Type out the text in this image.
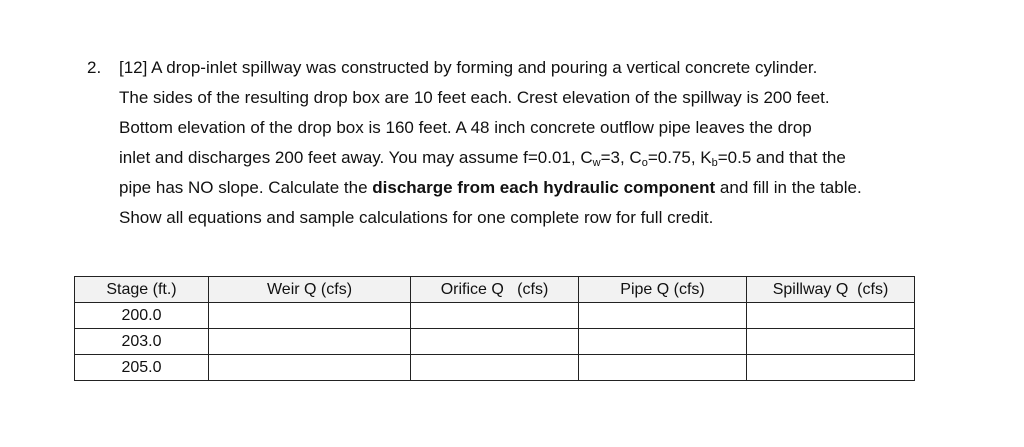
2. [12] A drop-inlet spillway was constructed by forming and pouring a vertical concrete cylinder.
The sides of the resulting drop box are 10 feet each. Crest elevation of the spillway is 200 feet.
Bottom elevation of the drop box is 160 feet. A 48 inch concrete outflow pipe leaves the drop
inlet and discharges 200 feet away. You may assume f=0.01, $C_w=3$, $C_o=0.75$, $K_b=0.5$ and that the
pipe has NO slope. Calculate the discharge from each hydraulic component and fill in the table.
Show all equations and sample calculations for one complete row for full credit.
Stage (ft.)	Weir Q (cfs)	Orifice Q   (cfs)	Pipe Q (cfs)	Spillway Q  (cfs)
200.0				
203.0				
205.0				
